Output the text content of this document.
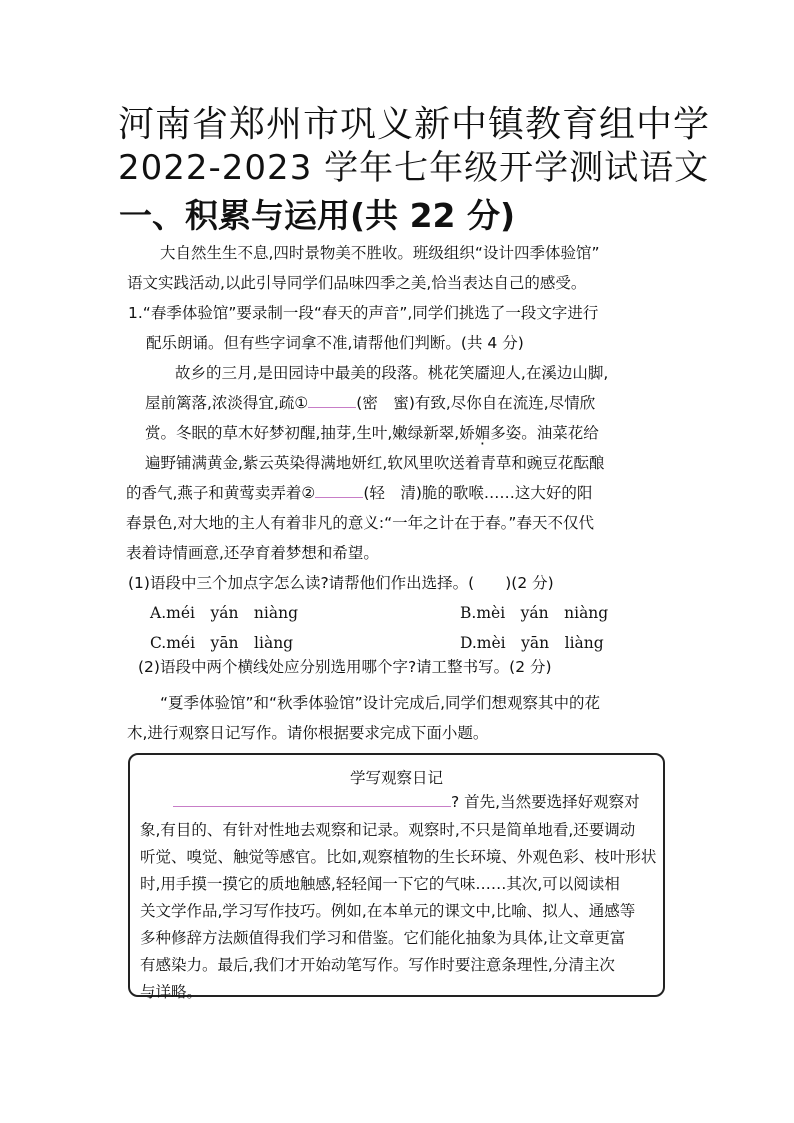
河南省郑州市巩义新中镇教育组中学
2022-2023 学年七年级开学测试语文
一、积累与运用(共 22 分)
大自然生生不息,四时景物美不胜收。班级组织“设计四季体验馆”
语文实践活动,以此引导同学们品味四季之美,恰当表达自己的感受。
1.“春季体验馆”要录制一段“春天的声音”,同学们挑选了一段文字进行
配乐朗诵。但有些字词拿不准,请帮他们判断。(共 4 分)
故乡的三月,是田园诗中最美的段落。桃花笑靥迎人,在溪边山脚,
屋前篱落,浓淡得宜,疏①	(密　蜜)有致,尽你自在流连,尽情欣
赏。冬眠的草木好梦初醒,抽芽,生叶,嫩绿新翠,娇媚多姿。油菜花给
遍野铺满黄金,紫云英染得满地妍红,软风里吹送着青草和豌豆花酝酿
的香气,燕子和黄莺卖弄着②	(轻　清)脆的歌喉……这大好的阳
春景色,对大地的主人有着非凡的意义:“一年之计在于春。”春天不仅代
表着诗情画意,还孕育着梦想和希望。
(1)语段中三个加点字怎么读?请帮他们作出选择。(　　)(2 分)
A.méi　yán　niàng	B.mèi　yán　niàng
C.méi　yān　liàng	D.mèi　yān　liàng
(2)语段中两个横线处应分别选用哪个字?请工整书写。(2 分)
“夏季体验馆”和“秋季体验馆”设计完成后,同学们想观察其中的花
木,进行观察日记写作。请你根据要求完成下面小题。
学写观察日记
? 首先,当然要选择好观察对
象,有目的、有针对性地去观察和记录。观察时,不只是简单地看,还要调动
听觉、嗅觉、触觉等感官。比如,观察植物的生长环境、外观色彩、枝叶形状
时,用手摸一摸它的质地触感,轻轻闻一下它的气味……其次,可以阅读相
关文学作品,学习写作技巧。例如,在本单元的课文中,比喻、拟人、通感等
多种修辞方法颇值得我们学习和借鉴。它们能化抽象为具体,让文章更富
有感染力。最后,我们才开始动笔写作。写作时要注意条理性,分清主次
与详略。
